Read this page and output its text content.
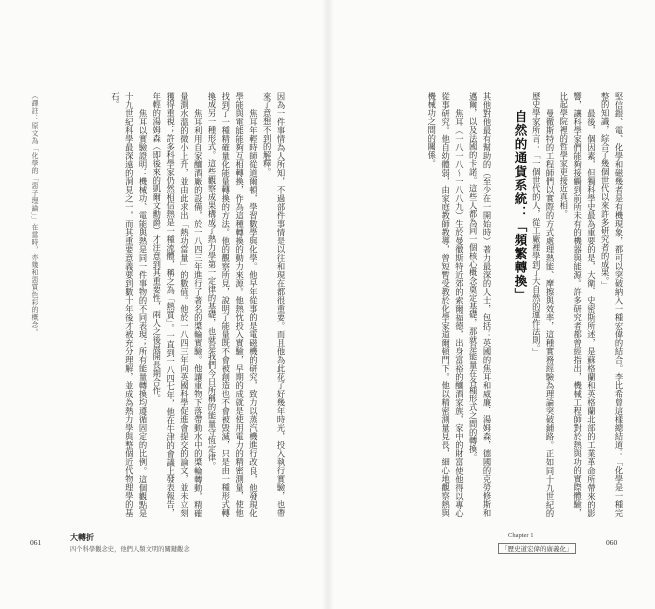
因為一件事情為人所知，不過部件事情是以往和現在都很重要。而且他為此花了好幾年時光，投入執行實驗，也帶來了意想不到的解釋。

焦耳年輕時師從道爾頓，學習數學與化學。他早年從事的是電磁機的研究，致力以蒸汽機進行改良，他發現化學能與電能能夠互相轉換，作為這種轉換的動力來源。他熱忱投入實驗，早期的成就是使用電力的精密測量，使他找到了一種精確量化能量轉換的方法。他的觀察所見，說明了能量既不會被創造也不會被毀滅，只是由一種形式轉換成另一種形式。這些觀察成果構成了熱力學第一定律的基礎，也就是我們今日所稱的能量守恆定律。

焦耳利用自家釀酒廠的設備，於一八四三年進行了著名的槳輪實驗。他讓重物下落帶動水中的槳輪轉動，精確量測水溫的微小上升，並由此求出「熱功當量」的數值。他於一八四三年向英國科學促進會提交的論文，並未立刻獲得重視；許多科學家仍然相信熱是一種流體，稱之為「熱質」。一直到一八四七年，他在牛津的會議上發表報告，年輕的湯姆森（即後來的凱爾文勳爵）才注意到其重要性，兩人之後展開長期合作。

焦耳以實驗證明：機械功、電能與熱是同一件事物的不同表現；所有能量轉換均遵循固定的比例。這個觀點是十九世紀科學最深遠的洞見之一，而其重要意義要到數十年後才被充分理解，並成為熱力學與整個近代物理學的基石。

（譯註：原文為「化學的「惡子理論」」在當時，亦幾和惡質色彩的概念。
061
大轉折
四个科學觀念史，他們人類文明的關鍵觀念

堅信銀、電、化學和磁幾者是有機現象，都可以突破納入一種宏偉的結合。李比希曾這樣總結道：「化學是一種完整的知識，綜合了幾個世代以來許多研究者的成果。」

最後，個因素，但獨科學史最為重要的是，大衛．史密斯所述，是蘇格蘭和英格蘭北部的工業革命所帶來的影響，讓科學家們能夠接觸到前所未有的機器與能源。許多研究者都曾經指出，機械工程師對於熱與功的實際體驗，比起學院裡的哲學家更接近真相。

曼徹斯特的工程師們以實際的方式處理熱能、摩擦與效率，這種實務經驗為理論突破鋪路。正如同十九世紀的歷史學家所言：「一個世代的人，從工廠裡學到了大自然的運作法則。」

自然的通貨系統：「頻繁轉換」

其他對他最有幫助的（至少在一開始時）著力最深的人士，包括：英國的焦耳和威廉．湯姆森，德國的克勞修斯和邁爾，以及法國的卡諾。這些人都為同一個核心概念奠定基礎，那就是能量在各種形式之間的轉換。

焦耳（一八一八～一八八九）生於曼徹斯特近郊的索爾福德，出身富裕的釀酒家族，家中的財富使他得以專心從事研究。他自幼體弱，由家庭教師教導，曾短暫受教於化學家道爾頓門下。他以精密測量見長，細心地觀察熱與機械功之間的關係。

Chapter 1
「歷史道宏偉的廣義化」
060
